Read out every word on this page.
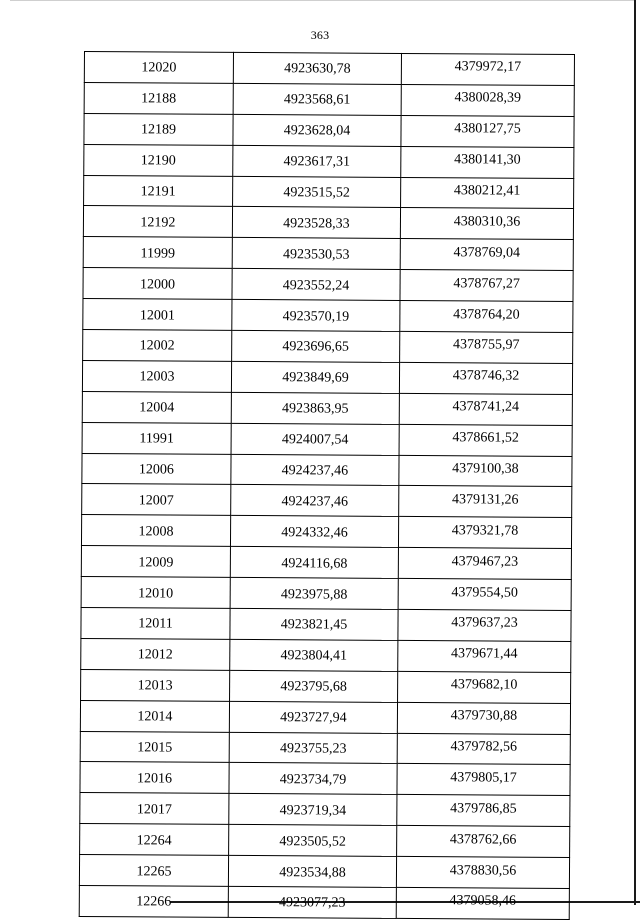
363
12020	4923630,78	4379972,17
12188	4923568,61	4380028,39
12189	4923628,04	4380127,75
12190	4923617,31	4380141,30
12191	4923515,52	4380212,41
12192	4923528,33	4380310,36
11999	4923530,53	4378769,04
12000	4923552,24	4378767,27
12001	4923570,19	4378764,20
12002	4923696,65	4378755,97
12003	4923849,69	4378746,32
12004	4923863,95	4378741,24
11991	4924007,54	4378661,52
12006	4924237,46	4379100,38
12007	4924237,46	4379131,26
12008	4924332,46	4379321,78
12009	4924116,68	4379467,23
12010	4923975,88	4379554,50
12011	4923821,45	4379637,23
12012	4923804,41	4379671,44
12013	4923795,68	4379682,10
12014	4923727,94	4379730,88
12015	4923755,23	4379782,56
12016	4923734,79	4379805,17
12017	4923719,34	4379786,85
12264	4923505,52	4378762,66
12265	4923534,88	4378830,56
12266	4923077,23	4379058,46
